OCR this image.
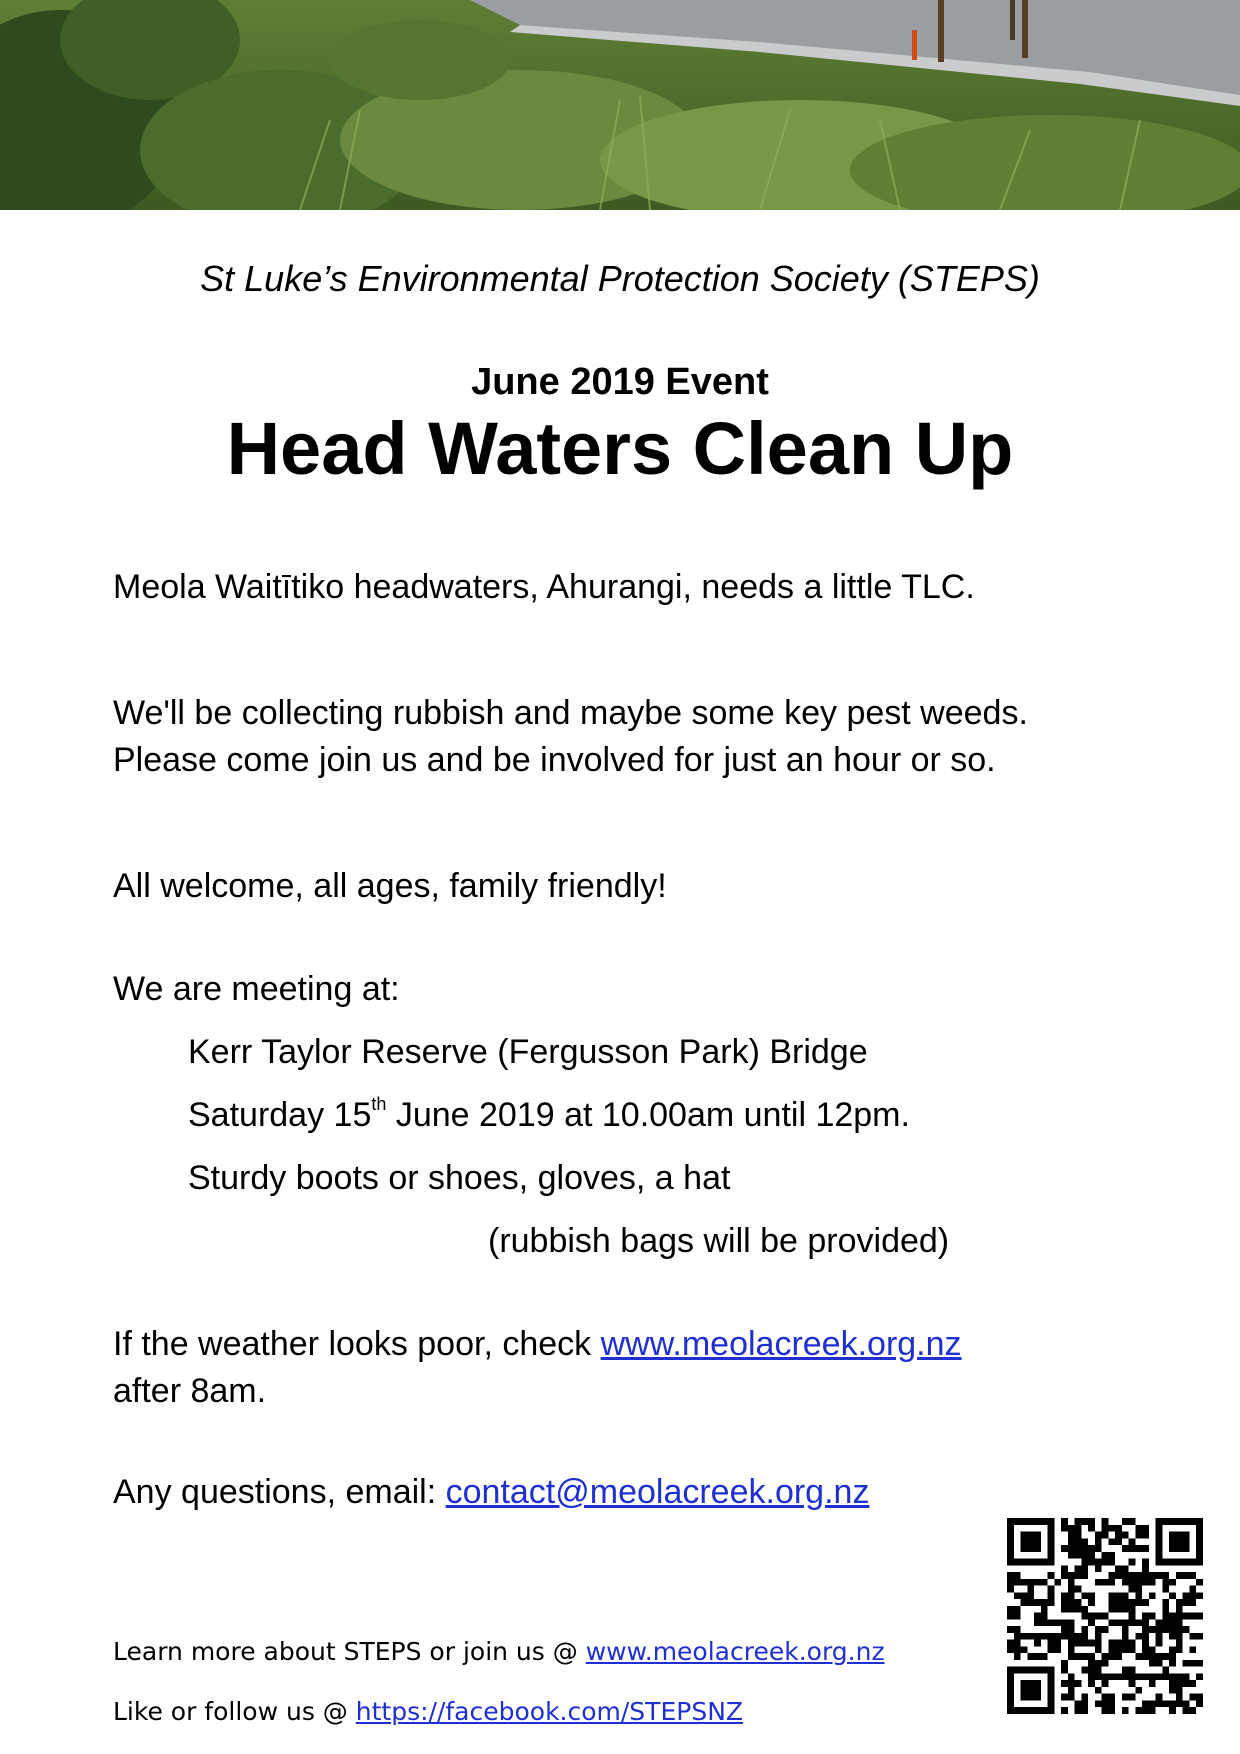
St Luke’s Environmental Protection Society (STEPS)
June 2019 Event
Head Waters Clean Up
Meola Waitītiko headwaters, Ahurangi, needs a little TLC.
We'll be collecting rubbish and maybe some key pest weeds.
Please come join us and be involved for just an hour or so.
All welcome, all ages, family friendly!
We are meeting at:
Kerr Taylor Reserve (Fergusson Park) Bridge
Saturday 15th June 2019 at 10.00am until 12pm.
Sturdy boots or shoes, gloves, a hat
(rubbish bags will be provided)
If the weather looks poor, check www.meolacreek.org.nz
after 8am.
Any questions, email: contact@meolacreek.org.nz
Learn more about STEPS or join us @ www.meolacreek.org.nz
Like or follow us @ https://facebook.com/STEPSNZ
